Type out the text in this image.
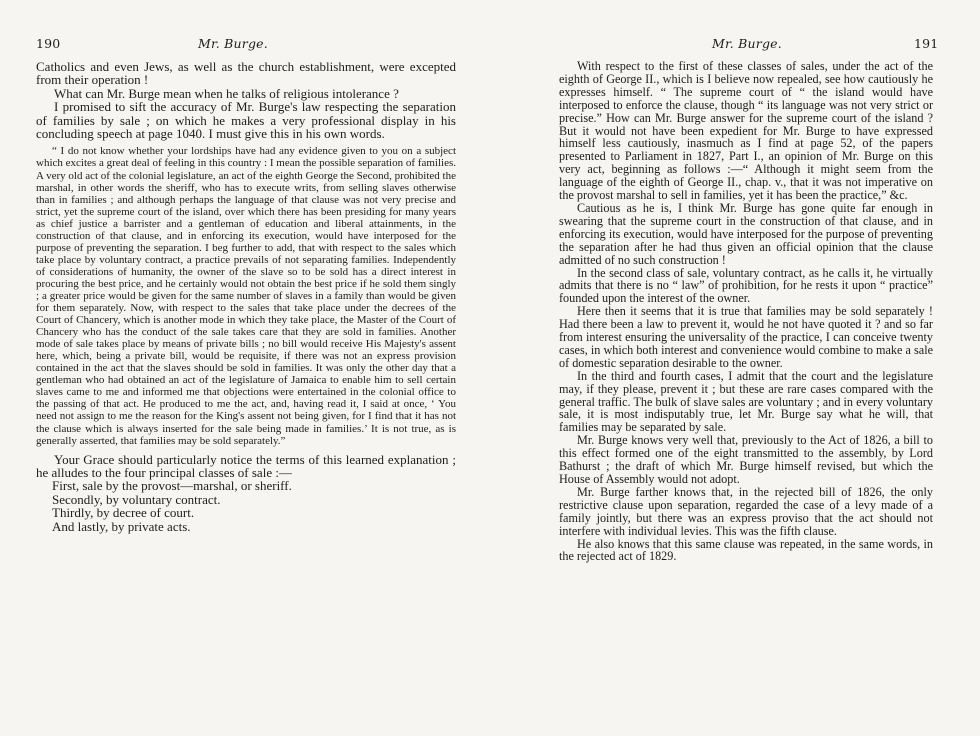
190	Mr. Burge.

Catholics and even Jews, as well as the church establishment, were excepted from their operation !

What can Mr. Burge mean when he talks of religious intolerance ?

I promised to sift the accuracy of Mr. Burge's law respecting the separation of families by sale ; on which he makes a very professional display in his concluding speech at page 1040. I must give this in his own words.

“ I do not know whether your lordships have had any evidence given to you on a subject which excites a great deal of feeling in this country : I mean the possible separation of families. A very old act of the colonial legislature, an act of the eighth George the Second, prohibited the marshal, in other words the sheriff, who has to execute writs, from selling slaves otherwise than in families ; and although perhaps the language of that clause was not very precise and strict, yet the supreme court of the island, over which there has been presiding for many years as chief justice a barrister and a gentleman of education and liberal attainments, in the construction of that clause, and in enforcing its execution, would have interposed for the purpose of preventing the separation. I beg further to add, that with respect to the sales which take place by voluntary contract, a practice prevails of not separating families. Independently of considerations of humanity, the owner of the slave so to be sold has a direct interest in procuring the best price, and he certainly would not obtain the best price if he sold them singly ; a greater price would be given for the same number of slaves in a family than would be given for them separately. Now, with respect to the sales that take place under the decrees of the Court of Chancery, which is another mode in which they take place, the Master of the Court of Chancery who has the conduct of the sale takes care that they are sold in families. Another mode of sale takes place by means of private bills ; no bill would receive His Majesty's assent here, which, being a private bill, would be requisite, if there was not an express provision contained in the act that the slaves should be sold in families. It was only the other day that a gentleman who had obtained an act of the legislature of Jamaica to enable him to sell certain slaves came to me and informed me that objections were entertained in the colonial office to the passing of that act. He produced to me the act, and, having read it, I said at once, ‘ You need not assign to me the reason for the King's assent not being given, for I find that it has not the clause which is always inserted for the sale being made in families.’ It is not true, as is generally asserted, that families may be sold separately.”

Your Grace should particularly notice the terms of this learned explanation ; he alludes to the four principal classes of sale :—

First, sale by the provost—marshal, or sheriff.

Secondly, by voluntary contract.

Thirdly, by decree of court.

And lastly, by private acts.

Mr. Burge.	191

With respect to the first of these classes of sales, under the act of the eighth of George II., which is I believe now repealed, see how cautiously he expresses himself. “ The supreme court of “ the island would have interposed to enforce the clause, though “ its language was not very strict or precise.” How can Mr. Burge answer for the supreme court of the island ? But it would not have been expedient for Mr. Burge to have expressed himself less cautiously, inasmuch as I find at page 52, of the papers presented to Parliament in 1827, Part I., an opinion of Mr. Burge on this very act, beginning as follows :—“ Although it might seem from the language of the eighth of George II., chap. v., that it was not imperative on the provost marshal to sell in families, yet it has been the practice,” &c.

Cautious as he is, I think Mr. Burge has gone quite far enough in swearing that the supreme court in the construction of that clause, and in enforcing its execution, would have interposed for the purpose of preventing the separation after he had thus given an official opinion that the clause admitted of no such construction !

In the second class of sale, voluntary contract, as he calls it, he virtually admits that there is no “ law” of prohibition, for he rests it upon “ practice” founded upon the interest of the owner.

Here then it seems that it is true that families may be sold separately ! Had there been a law to prevent it, would he not have quoted it ? and so far from interest ensuring the universality of the practice, I can conceive twenty cases, in which both interest and convenience would combine to make a sale of domestic separation desirable to the owner.

In the third and fourth cases, I admit that the court and the legislature may, if they please, prevent it ; but these are rare cases compared with the general traffic. The bulk of slave sales are voluntary ; and in every voluntary sale, it is most indisputably true, let Mr. Burge say what he will, that families may be separated by sale.

Mr. Burge knows very well that, previously to the Act of 1826, a bill to this effect formed one of the eight transmitted to the assembly, by Lord Bathurst ; the draft of which Mr. Burge himself revised, but which the House of Assembly would not adopt.

Mr. Burge farther knows that, in the rejected bill of 1826, the only restrictive clause upon separation, regarded the case of a levy made of a family jointly, but there was an express proviso that the act should not interfere with individual levies. This was the fifth clause.

He also knows that this same clause was repeated, in the same words, in the rejected act of 1829.
